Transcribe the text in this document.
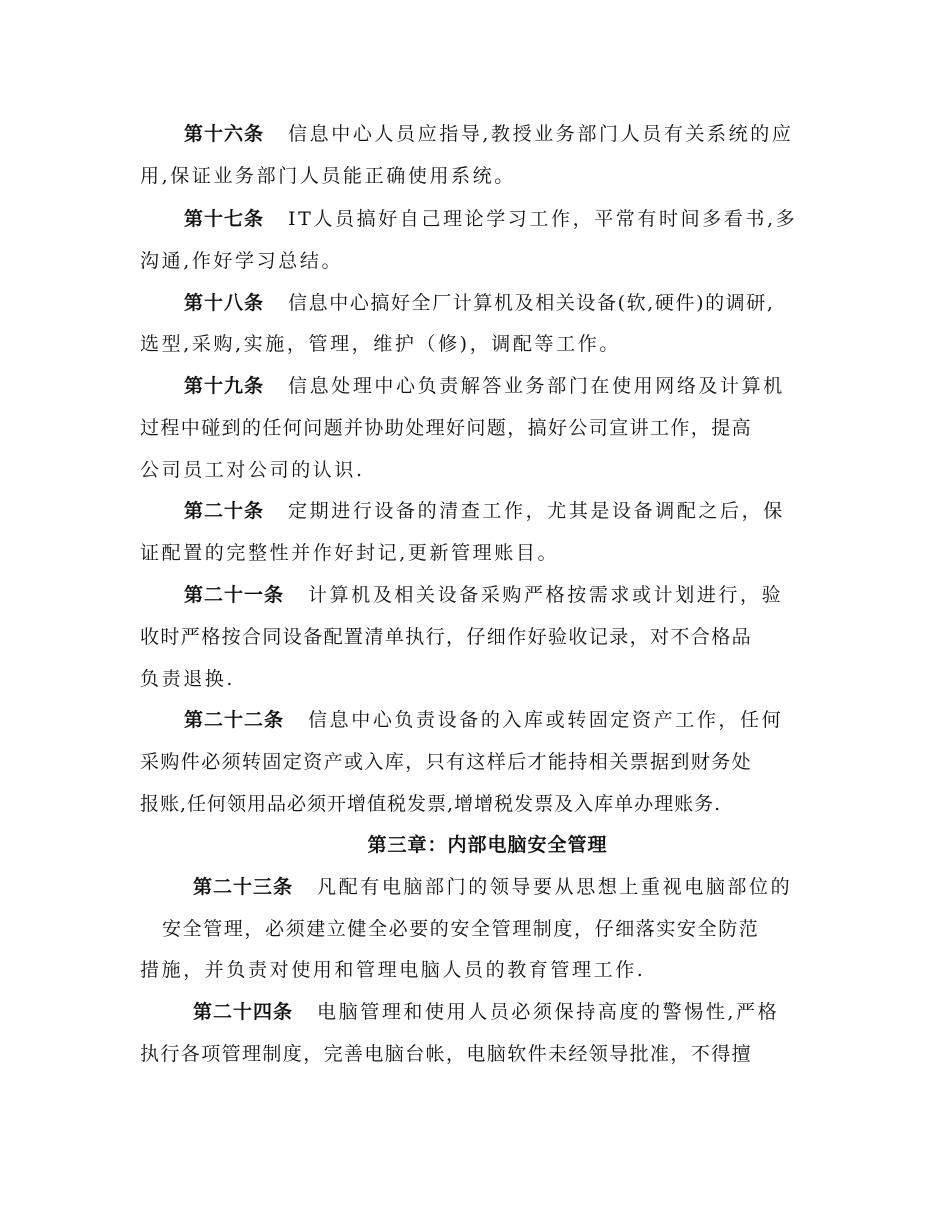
第十六条 信息中心人员应指导,教授业务部门人员有关系统的应
用,保证业务部门人员能正确使用系统。
第十七条 IT人员搞好自己理论学习工作，平常有时间多看书,多
沟通,作好学习总结。
第十八条 信息中心搞好全厂计算机及相关设备(软,硬件)的调研,
选型,采购,实施，管理，维护（修)，调配等工作。
第十九条 信息处理中心负责解答业务部门在使用网络及计算机
过程中碰到的任何问题并协助处理好问题，搞好公司宣讲工作，提高
公司员工对公司的认识.
第二十条 定期进行设备的清查工作，尤其是设备调配之后，保
证配置的完整性并作好封记,更新管理账目。
第二十一条 计算机及相关设备采购严格按需求或计划进行，验
收时严格按合同设备配置清单执行，仔细作好验收记录，对不合格品
负责退换.
第二十二条 信息中心负责设备的入库或转固定资产工作，任何
采购件必须转固定资产或入库，只有这样后才能持相关票据到财务处
报账,任何领用品必须开增值税发票,增增税发票及入库单办理账务.
第三章：内部电脑安全管理
第二十三条 凡配有电脑部门的领导要从思想上重视电脑部位的
安全管理，必须建立健全必要的安全管理制度，仔细落实安全防范
措施，并负责对使用和管理电脑人员的教育管理工作.
第二十四条 电脑管理和使用人员必须保持高度的警惕性,严格
执行各项管理制度，完善电脑台帐，电脑软件未经领导批准，不得擅
